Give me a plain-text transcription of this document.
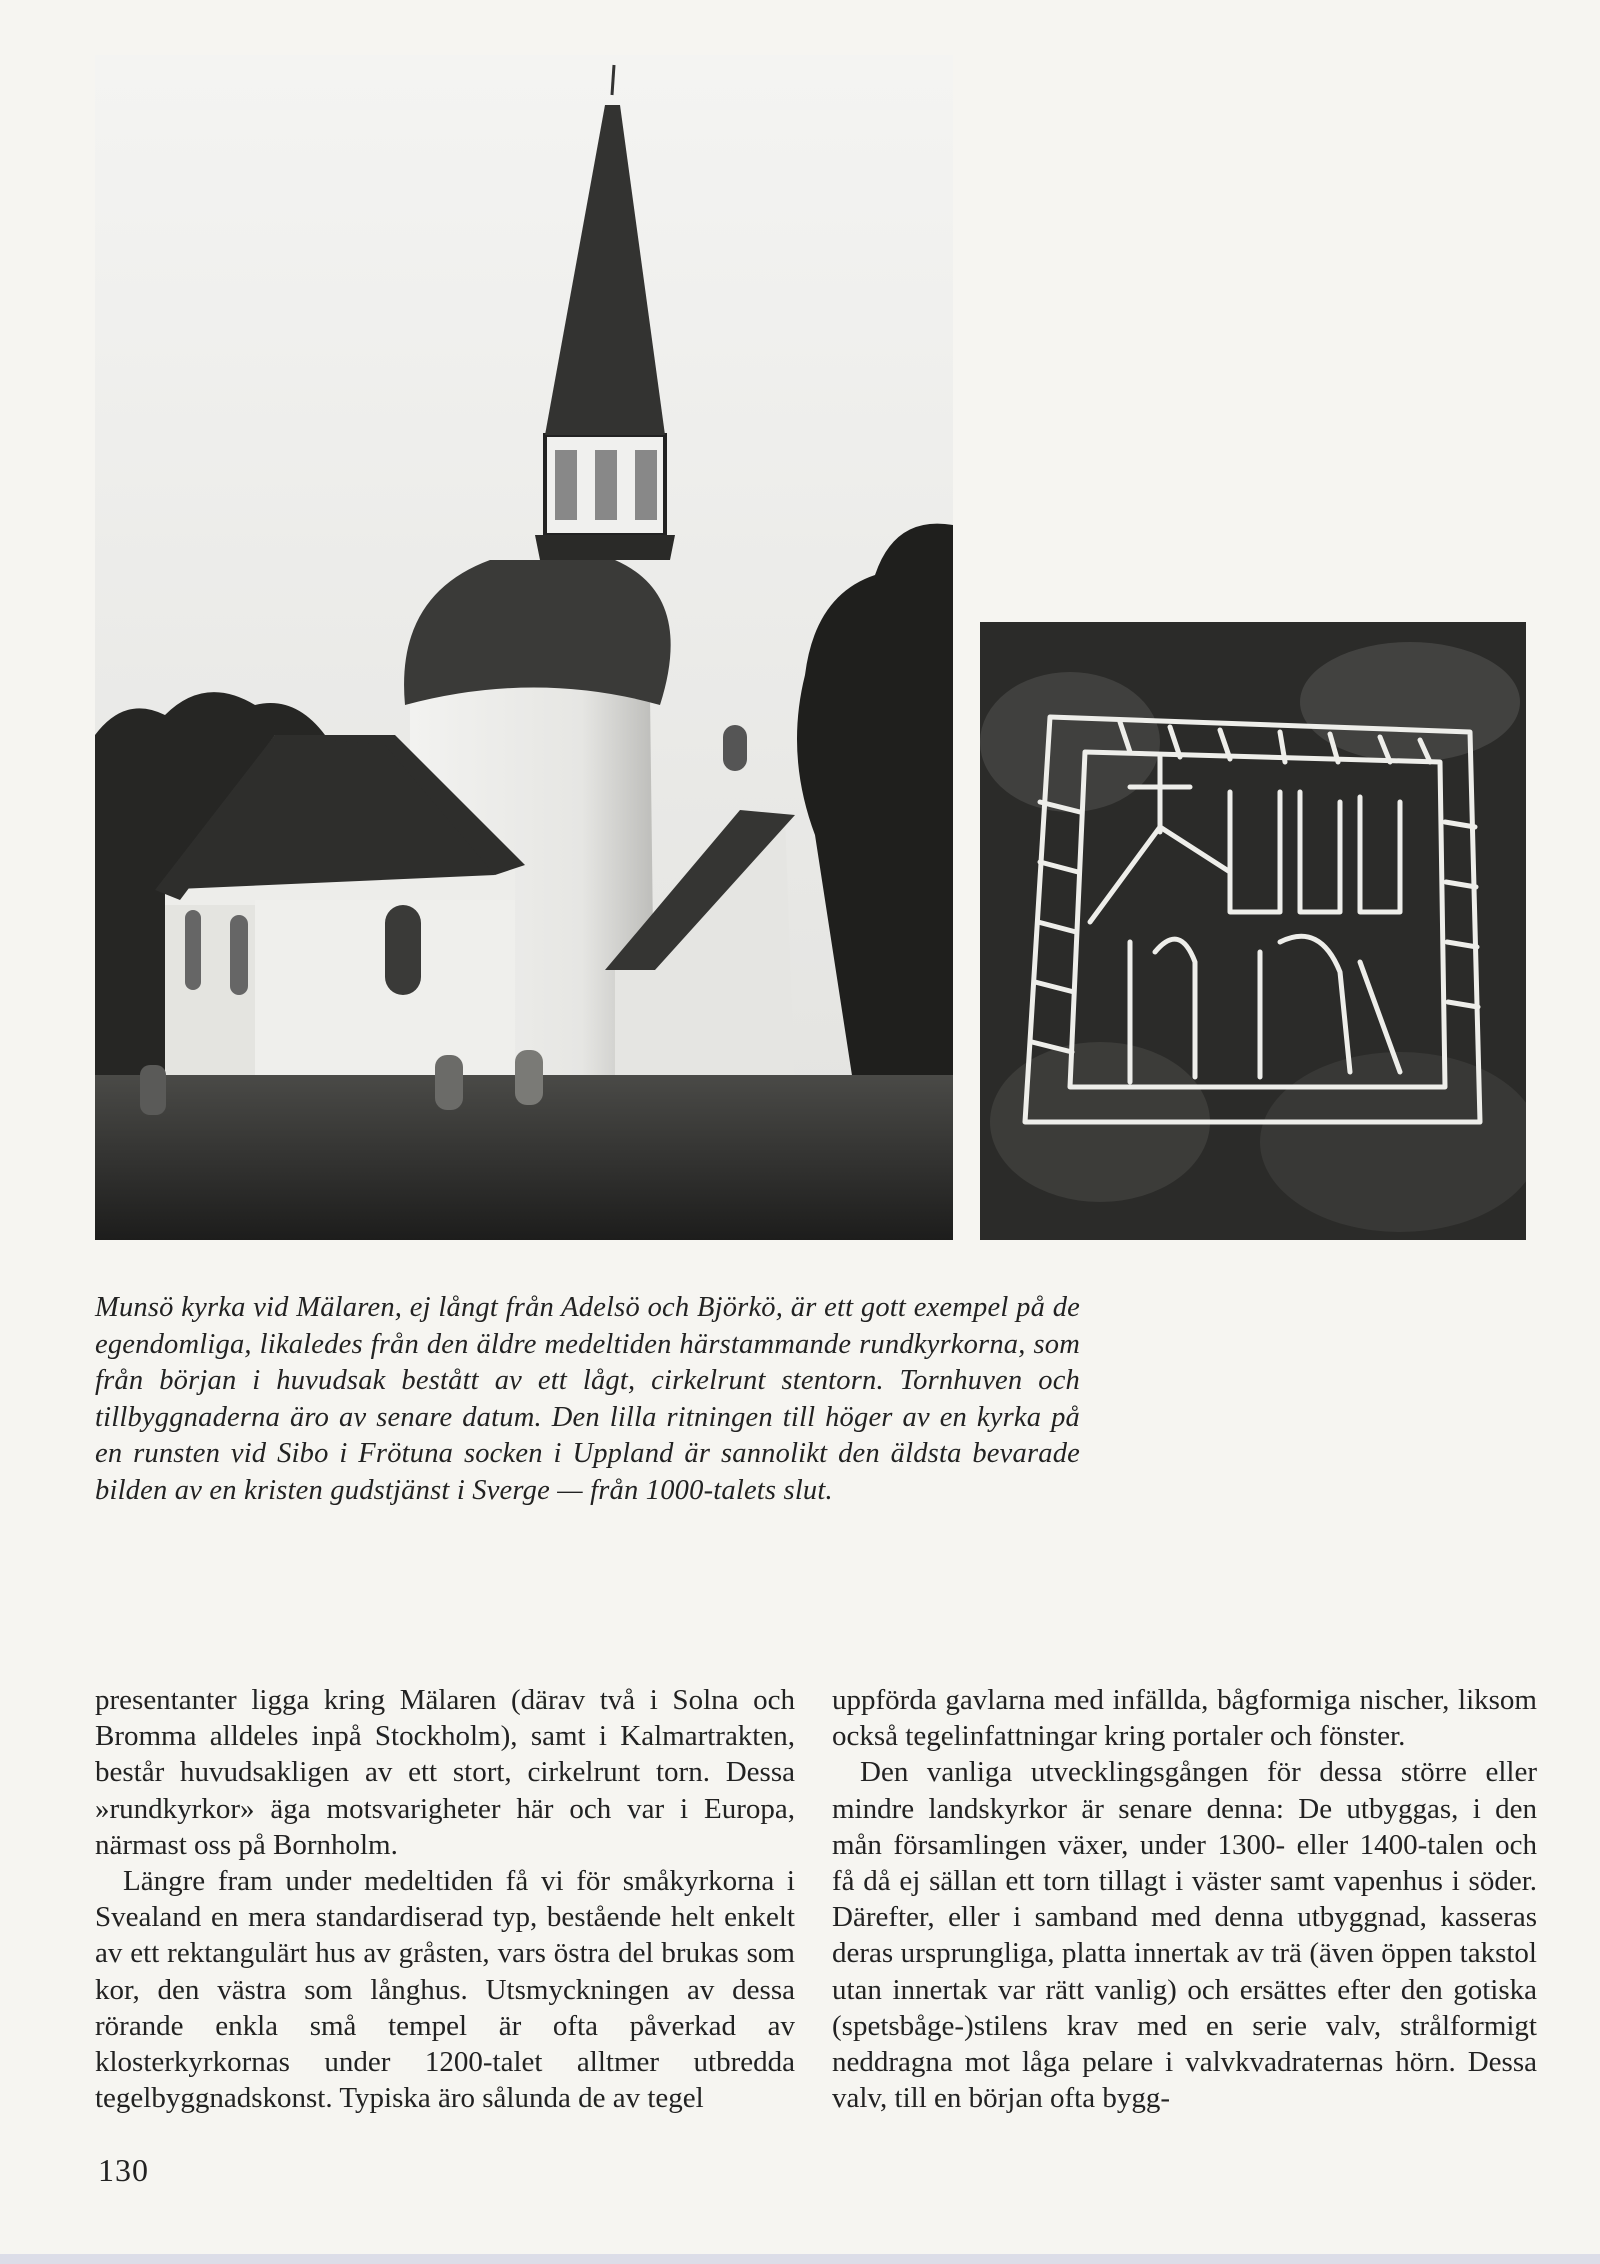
Munsö kyrka vid Mälaren, ej långt från Adelsö och Björkö, är ett gott exempel på de egendomliga, likaledes från den äldre medeltiden härstammande rundkyrkorna, som från början i huvudsak bestått av ett lågt, cirkelrunt stentorn. Tornhuven och tillbyggnaderna äro av senare datum. Den lilla ritningen till höger av en kyrka på en runsten vid Sibo i Frötuna socken i Uppland är sannolikt den äldsta bevarade bilden av en kristen gudstjänst i Sverge — från 1000-talets slut.

presentanter ligga kring Mälaren (därav två i Solna och Bromma alldeles inpå Stockholm), samt i Kalmartrakten, består huvudsakligen av ett stort, cirkelrunt torn. Dessa »rundkyrkor» äga motsvarigheter här och var i Europa, närmast oss på Bornholm.

Längre fram under medeltiden få vi för småkyrkorna i Svealand en mera standardiserad typ, bestående helt enkelt av ett rektangulärt hus av gråsten, vars östra del brukas som kor, den västra som långhus. Utsmyckningen av dessa rörande enkla små tempel är ofta påverkad av klosterkyrkornas under 1200-talet alltmer utbredda tegelbyggnadskonst. Typiska äro sålunda de av tegel

uppförda gavlarna med infällda, bågformiga nischer, liksom också tegelinfattningar kring portaler och fönster.

Den vanliga utvecklingsgången för dessa större eller mindre landskyrkor är senare denna: De utbyggas, i den mån församlingen växer, under 1300- eller 1400-talen och få då ej sällan ett torn tillagt i väster samt vapenhus i söder. Därefter, eller i samband med denna utbyggnad, kasseras deras ursprungliga, platta innertak av trä (även öppen takstol utan innertak var rätt vanlig) och ersättes efter den gotiska (spetsbåge-)stilens krav med en serie valv, strålformigt neddragna mot låga pelare i valvkvadraternas hörn. Dessa valv, till en början ofta bygg-

130
